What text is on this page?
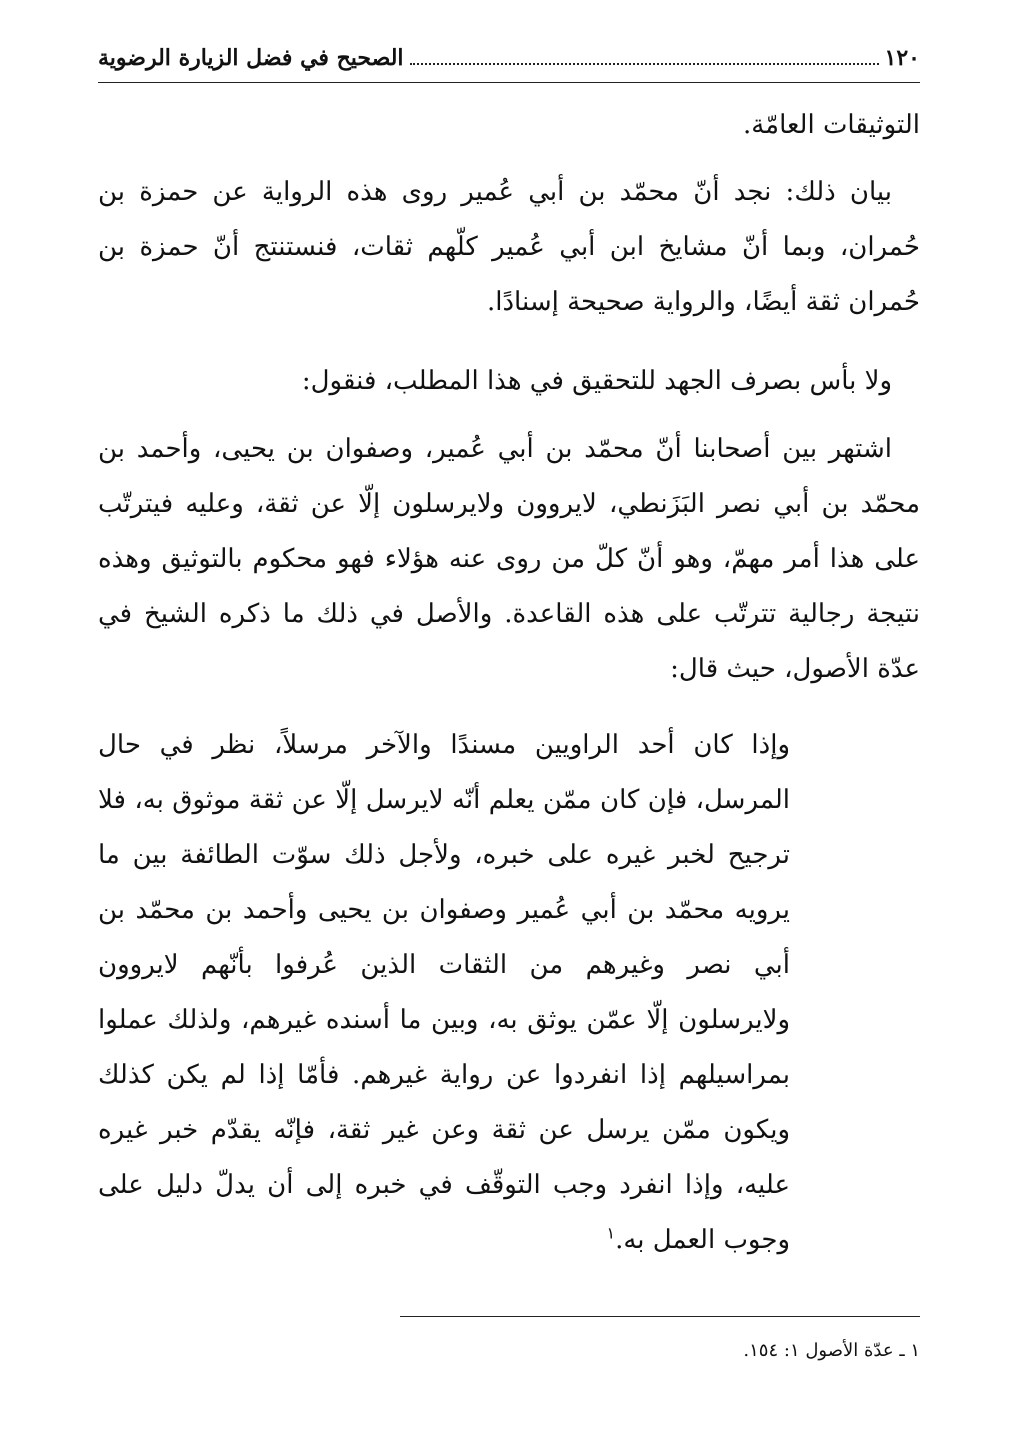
١٢٠
الصحيح في فضل الزيارة الرضوية

التوثيقات العامّة.

بيان ذلك: نجد أنّ محمّد بن أبي عُمير روى هذه الرواية عن حمزة بن حُمران، وبما أنّ مشايخ ابن أبي عُمير كلّهم ثقات، فنستنتج أنّ حمزة بن حُمران ثقة أيضًا، والرواية صحيحة إسنادًا.

ولا بأس بصرف الجهد للتحقيق في هذا المطلب، فنقول:

اشتهر بين أصحابنا أنّ محمّد بن أبي عُمير، وصفوان بن يحيى، وأحمد بن محمّد بن أبي نصر البَزَنطي، لايروون ولايرسلون إلّا عن ثقة، وعليه فيترتّب على هذا أمر مهمّ، وهو أنّ كلّ من روى عنه هؤلاء فهو محكوم بالتوثيق وهذه نتيجة رجالية تترتّب على هذه القاعدة. والأصل في ذلك ما ذكره الشيخ في عدّة الأصول، حيث قال:

وإذا كان أحد الراويين مسندًا والآخر مرسلاً، نظر في حال المرسل، فإن كان ممّن يعلم أنّه لايرسل إلّا عن ثقة موثوق به، فلا ترجيح لخبر غيره على خبره، ولأجل ذلك سوّت الطائفة بين ما يرويه محمّد بن أبي عُمير وصفوان بن يحيى وأحمد بن محمّد بن أبي نصر وغيرهم من الثقات الذين عُرفوا بأنّهم لايروون ولايرسلون إلّا عمّن يوثق به، وبين ما أسنده غيرهم، ولذلك عملوا بمراسيلهم إذا انفردوا عن رواية غيرهم. فأمّا إذا لم يكن كذلك ويكون ممّن يرسل عن ثقة وعن غير ثقة، فإنّه يقدّم خبر غيره عليه، وإذا انفرد وجب التوقّف في خبره إلى أن يدلّ دليل على وجوب العمل به.$^١$

١ ـ عدّة الأصول ١: ١٥٤.
